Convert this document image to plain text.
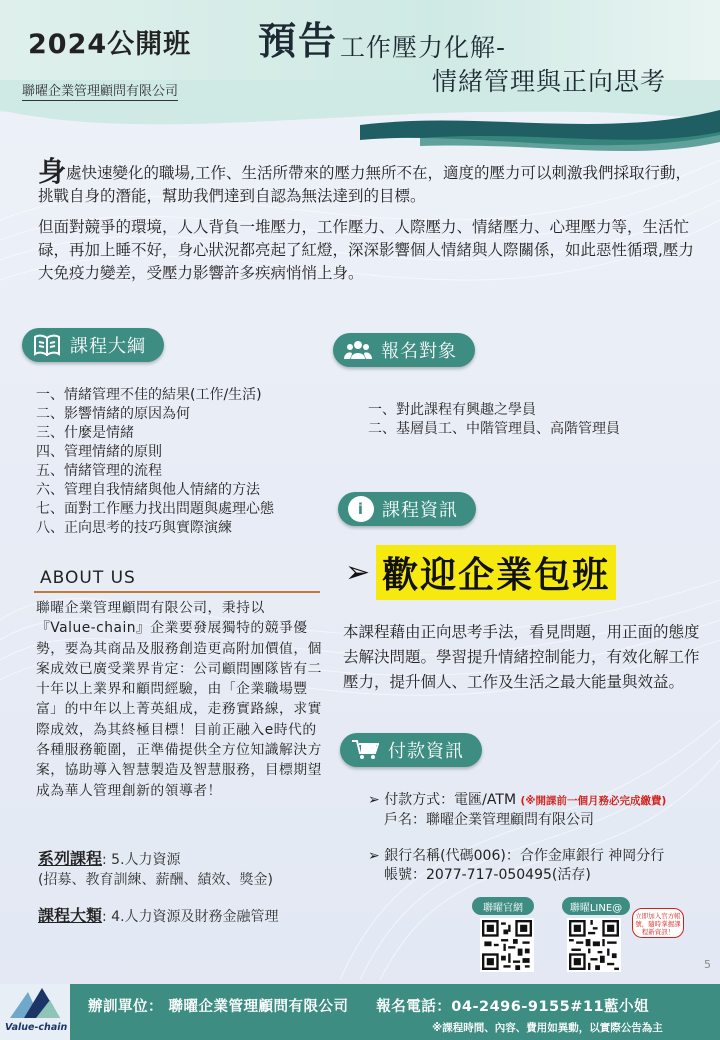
2024公開班
聯曜企業管理顧問有限公司
預告 工作壓力化解-
情緒管理與正向思考

身處快速變化的職場,工作、生活所帶來的壓力無所不在，適度的壓力可以刺激我們採取行動，挑戰自身的潛能，幫助我們達到自認為無法達到的目標。

但面對競爭的環境，人人背負一堆壓力，工作壓力、人際壓力、情緒壓力、心理壓力等，生活忙碌，再加上睡不好，身心狀況都亮起了紅燈，深深影響個人情緒與人際關係，如此惡性循環,壓力大免疫力變差，受壓力影響許多疾病悄悄上身。

課程大綱
一、情緒管理不佳的結果(工作/生活)
二、影響情緒的原因為何
三、什麼是情緒
四、管理情緒的原則
五、情緒管理的流程
六、管理自我情緒與他人情緒的方法
七、面對工作壓力找出問題與處理心態
八、正向思考的技巧與實際演練
報名對象
一、對此課程有興趣之學員
二、基層員工、中階管理員、高階管理員
i 課程資訊
➢ 歡迎企業包班
本課程藉由正向思考手法，看見問題，用正面的態度去解決問題。學習提升情緒控制能力，有效化解工作壓力，提升個人、工作及生活之最大能量與效益。
ABOUT US
聯曜企業管理顧問有限公司，秉持以『Value-chain』企業要發展獨特的競爭優勢，要為其商品及服務創造更高附加價值，個案成效已廣受業界肯定：公司顧問團隊皆有二十年以上業界和顧問經驗，由「企業職場豐富」的中年以上菁英組成，走務實路線，求實際成效，為其終極目標！目前正融入e時代的各種服務範圍，正準備提供全方位知識解決方案，協助導入智慧製造及智慧服務，目標期望成為華人管理創新的領導者！
系列課程: 5.人力資源
(招募、教育訓練、薪酬、績效、獎金)
課程大類: 4.人力資源及財務金融管理
付款資訊
➢ 付款方式：電匯/ATM (※開課前一個月務必完成繳費)
戶名：聯曜企業管理顧問有限公司
➢ 銀行名稱(代碼006)：合作金庫銀行 神岡分行
帳號：2077-717-050495(活存)
聯曜官網	聯曜LINE@
立即加入官方帳號，隨時掌握課程新資訊！
5
Value-chain
辦訓單位： 聯曜企業管理顧問有限公司 報名電話：04-2496-9155#11藍小姐
※課程時間、內容、費用如異動，以實際公告為主
